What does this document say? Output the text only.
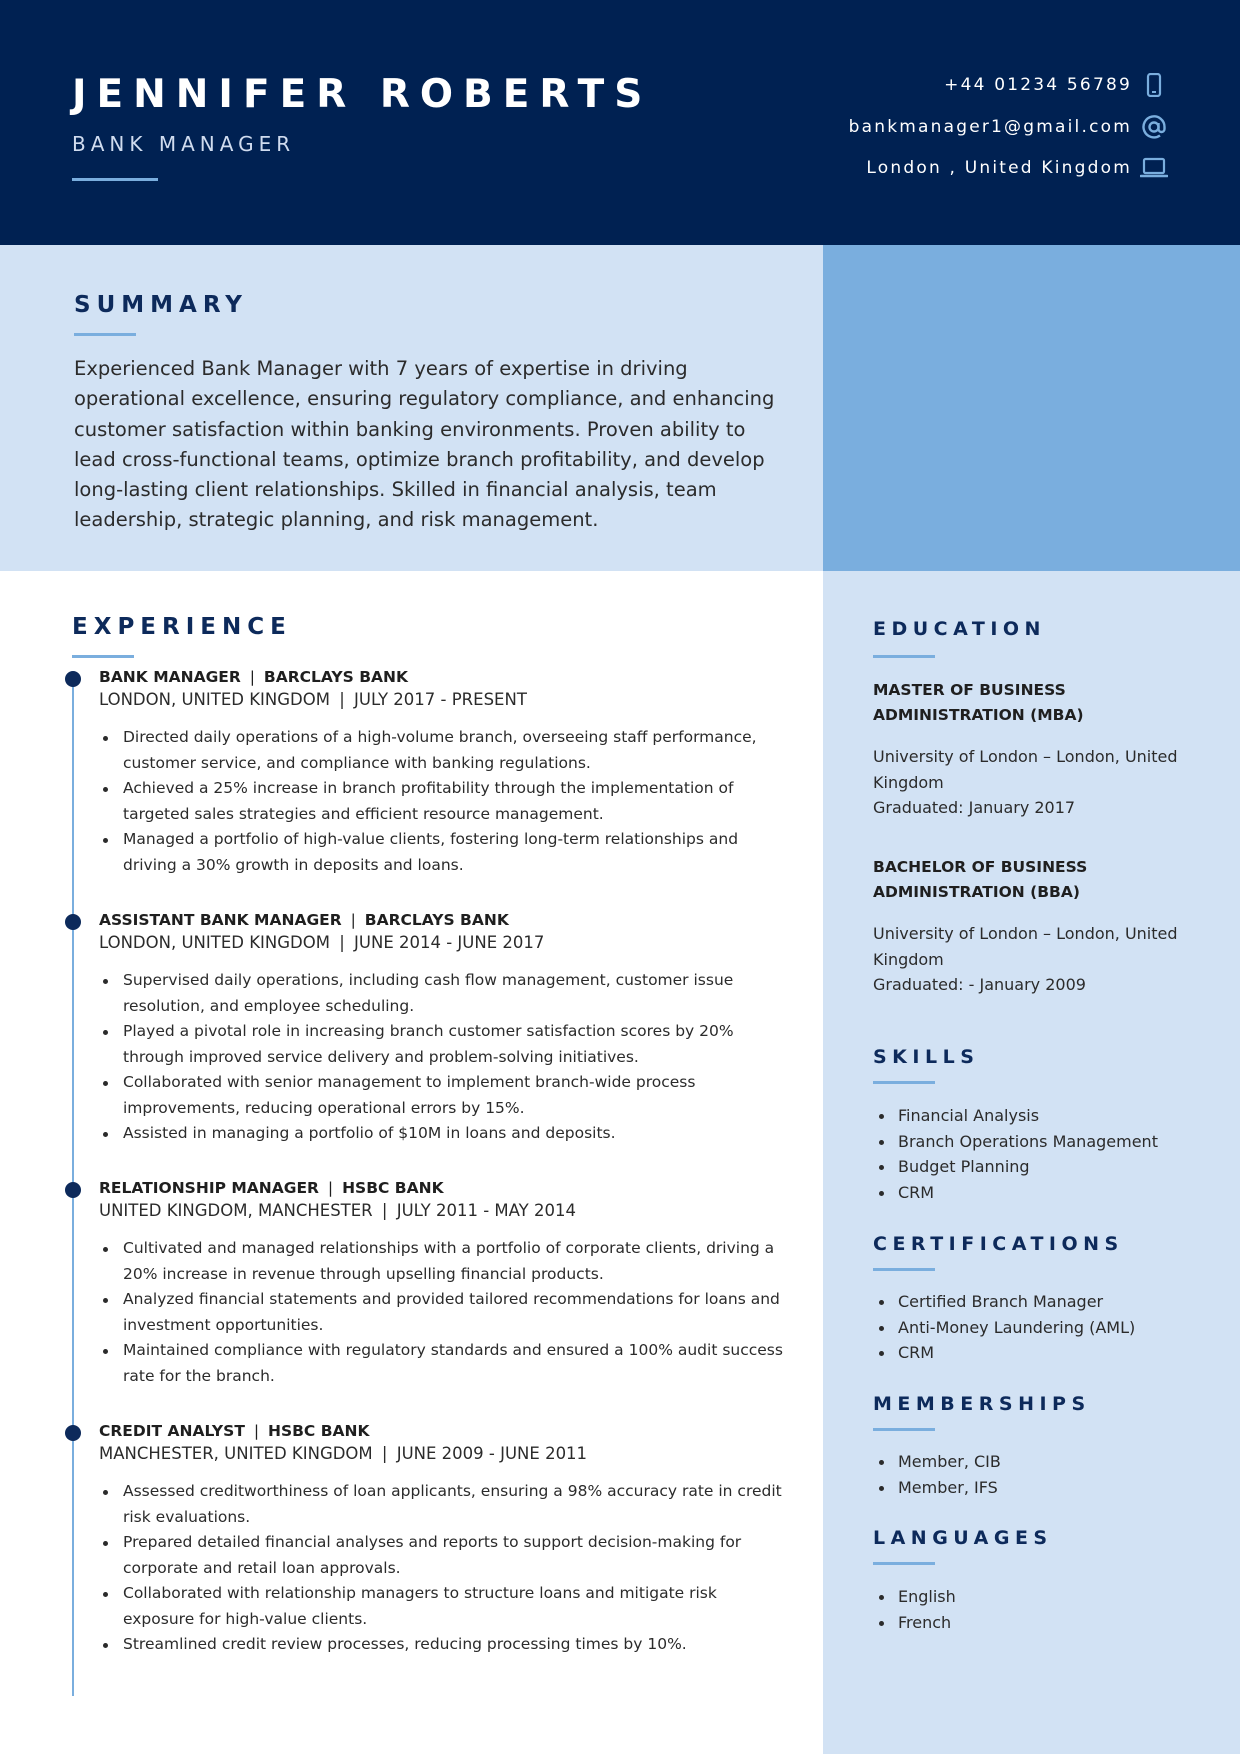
JENNIFER ROBERTS
BANK MANAGER
+44 01234 56789
bankmanager1@gmail.com
London , United Kingdom
SUMMARY
Experienced Bank Manager with 7 years of expertise in driving operational excellence, ensuring regulatory compliance, and enhancing customer satisfaction within banking environments. Proven ability to lead cross-functional teams, optimize branch profitability, and develop long-lasting client relationships. Skilled in financial analysis, team leadership, strategic planning, and risk management.
EXPERIENCE
BANK MANAGER | BARCLAYS BANK
LONDON, UNITED KINGDOM | JULY 2017 - PRESENT
Directed daily operations of a high-volume branch, overseeing staff performance, customer service, and compliance with banking regulations.
Achieved a 25% increase in branch profitability through the implementation of targeted sales strategies and efficient resource management.
Managed a portfolio of high-value clients, fostering long-term relationships and driving a 30% growth in deposits and loans.
ASSISTANT BANK MANAGER | BARCLAYS BANK
LONDON, UNITED KINGDOM | JUNE 2014 - JUNE 2017
Supervised daily operations, including cash flow management, customer issue resolution, and employee scheduling.
Played a pivotal role in increasing branch customer satisfaction scores by 20% through improved service delivery and problem-solving initiatives.
Collaborated with senior management to implement branch-wide process improvements, reducing operational errors by 15%.
Assisted in managing a portfolio of $10M in loans and deposits.
RELATIONSHIP MANAGER | HSBC BANK
UNITED KINGDOM, MANCHESTER | JULY 2011 - MAY 2014
Cultivated and managed relationships with a portfolio of corporate clients, driving a 20% increase in revenue through upselling financial products.
Analyzed financial statements and provided tailored recommendations for loans and investment opportunities.
Maintained compliance with regulatory standards and ensured a 100% audit success rate for the branch.
CREDIT ANALYST | HSBC BANK
MANCHESTER, UNITED KINGDOM | JUNE 2009 - JUNE 2011
Assessed creditworthiness of loan applicants, ensuring a 98% accuracy rate in credit risk evaluations.
Prepared detailed financial analyses and reports to support decision-making for corporate and retail loan approvals.
Collaborated with relationship managers to structure loans and mitigate risk exposure for high-value clients.
Streamlined credit review processes, reducing processing times by 10%.
EDUCATION
MASTER OF BUSINESS ADMINISTRATION (MBA)
University of London – London, United Kingdom
Graduated: January 2017
BACHELOR OF BUSINESS ADMINISTRATION (BBA)
University of London – London, United Kingdom
Graduated: - January 2009
SKILLS
Financial Analysis
Branch Operations Management
Budget Planning
CRM
CERTIFICATIONS
Certified Branch Manager
Anti-Money Laundering (AML)
CRM
MEMBERSHIPS
Member, CIB
Member, IFS
LANGUAGES
English
French
